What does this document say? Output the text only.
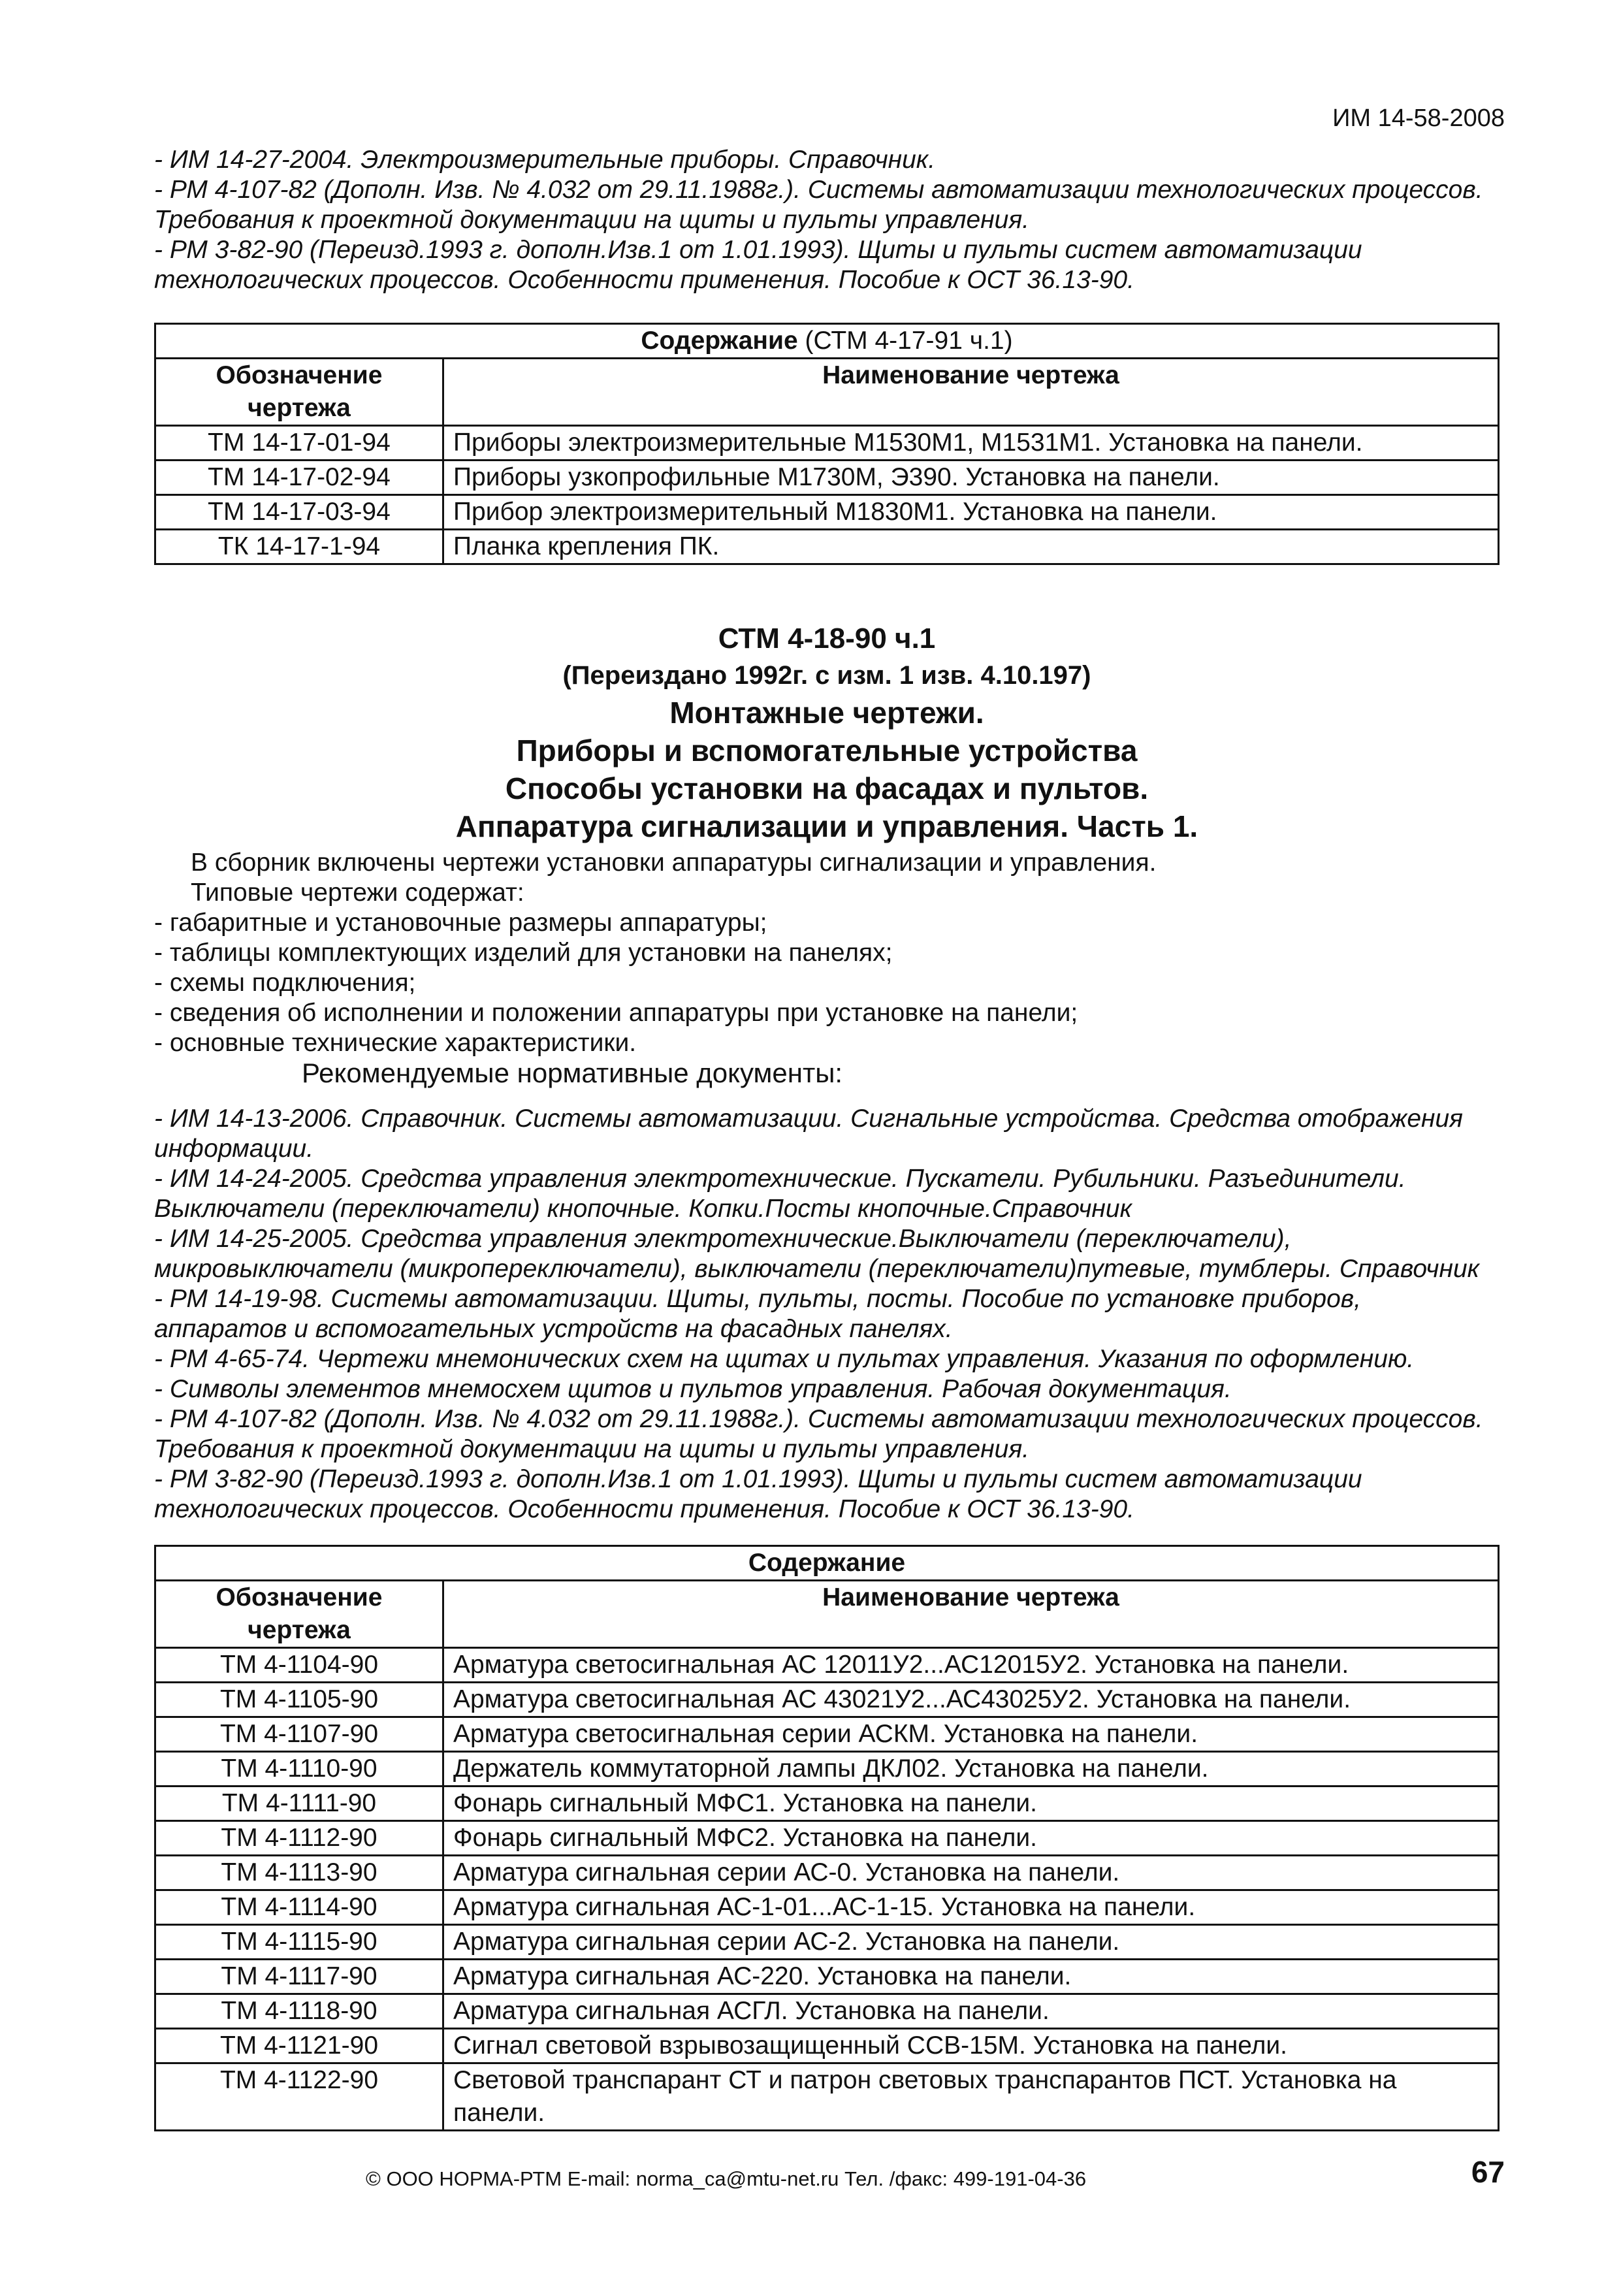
ИМ 14-58-2008
- ИМ 14-27-2004. Электроизмерительные приборы. Справочник.
- РМ 4-107-82 (Дополн. Изв. № 4.032 от 29.11.1988г.). Системы автоматизации технологических процессов. Требования к проектной документации на щиты и пульты управления.
- РМ 3-82-90 (Переизд.1993 г. дополн.Изв.1 от 1.01.1993). Щиты и пульты систем автоматизации технологических процессов. Особенности применения. Пособие к ОСТ 36.13-90.
Содержание (СТМ 4-17-91 ч.1)	
Обозначение чертежа	Наименование чертежа
ТМ 14-17-01-94	Приборы электроизмерительные М1530М1, М1531М1. Установка на панели.
ТМ 14-17-02-94	Приборы узкопрофильные М1730М, Э390. Установка на панели.
ТМ 14-17-03-94	Прибор электроизмерительный М1830М1. Установка на панели.
ТК 14-17-1-94	Планка крепления ПК.
СТМ 4-18-90 ч.1
(Переиздано 1992г. с изм. 1 изв. 4.10.197)
Монтажные чертежи.
Приборы и вспомогательные устройства
Способы установки на фасадах и пультов.
Аппаратура сигнализации и управления. Часть 1.
В сборник включены чертежи установки аппаратуры сигнализации и управления.
Типовые чертежи содержат:
- габаритные и установочные размеры аппаратуры;
- таблицы комплектующих изделий для установки на панелях;
- схемы подключения;
- сведения об исполнении и положении аппаратуры при установке на панели;
- основные технические характеристики.
Рекомендуемые нормативные документы:
- ИМ 14-13-2006. Справочник. Системы автоматизации. Сигнальные устройства. Средства отображения информации.
- ИМ 14-24-2005. Средства управления электротехнические. Пускатели. Рубильники. Разъединители. Выключатели (переключатели) кнопочные. Копки.Посты кнопочные.Справочник
- ИМ 14-25-2005. Средства управления электротехнические.Выключатели (переключатели), микровыключатели (микропереключатели), выключатели (переключатели)путевые, тумблеры. Справочник
- РМ 14-19-98. Системы автоматизации. Щиты, пульты, посты. Пособие по установке приборов, аппаратов и вспомогательных устройств на фасадных панелях.
- РМ 4-65-74. Чертежи мнемонических схем на щитах и пультах управления. Указания по оформлению.
- Символы элементов мнемосхем щитов и пультов управления. Рабочая документация.
- РМ 4-107-82 (Дополн. Изв. № 4.032 от 29.11.1988г.). Системы автоматизации технологических процессов. Требования к проектной документации на щиты и пульты управления.
- РМ 3-82-90 (Переизд.1993 г. дополн.Изв.1 от 1.01.1993). Щиты и пульты систем автоматизации технологических процессов. Особенности применения. Пособие к ОСТ 36.13-90.
Содержание	
Обозначение чертежа	Наименование чертежа
ТМ 4-1104-90	Арматура светосигнальная АС 12011У2...АС12015У2. Установка на панели.
ТМ 4-1105-90	Арматура светосигнальная АС 43021У2...АС43025У2. Установка на панели.
ТМ 4-1107-90	Арматура светосигнальная серии АСКМ. Установка на панели.
ТМ 4-1110-90	Держатель коммутаторной лампы ДКЛ02. Установка на панели.
ТМ 4-1111-90	Фонарь сигнальный МФС1. Установка на панели.
ТМ 4-1112-90	Фонарь сигнальный МФС2. Установка на панели.
ТМ 4-1113-90	Арматура сигнальная серии АС-0. Установка на панели.
ТМ 4-1114-90	Арматура сигнальная АС-1-01...АС-1-15. Установка на панели.
ТМ 4-1115-90	Арматура сигнальная серии АС-2. Установка на панели.
ТМ 4-1117-90	Арматура сигнальная АС-220. Установка на панели.
ТМ 4-1118-90	Арматура сигнальная АСГЛ. Установка на панели.
ТМ 4-1121-90	Сигнал световой взрывозащищенный ССВ-15М. Установка на панели.
ТМ 4-1122-90	Световой транспарант СТ и патрон световых транспарантов ПСТ. Установка на панели.
© ООО НОРМА-РТМ E-mail: norma_ca@mtu-net.ru Тел. /факс: 499-191-04-36	67
